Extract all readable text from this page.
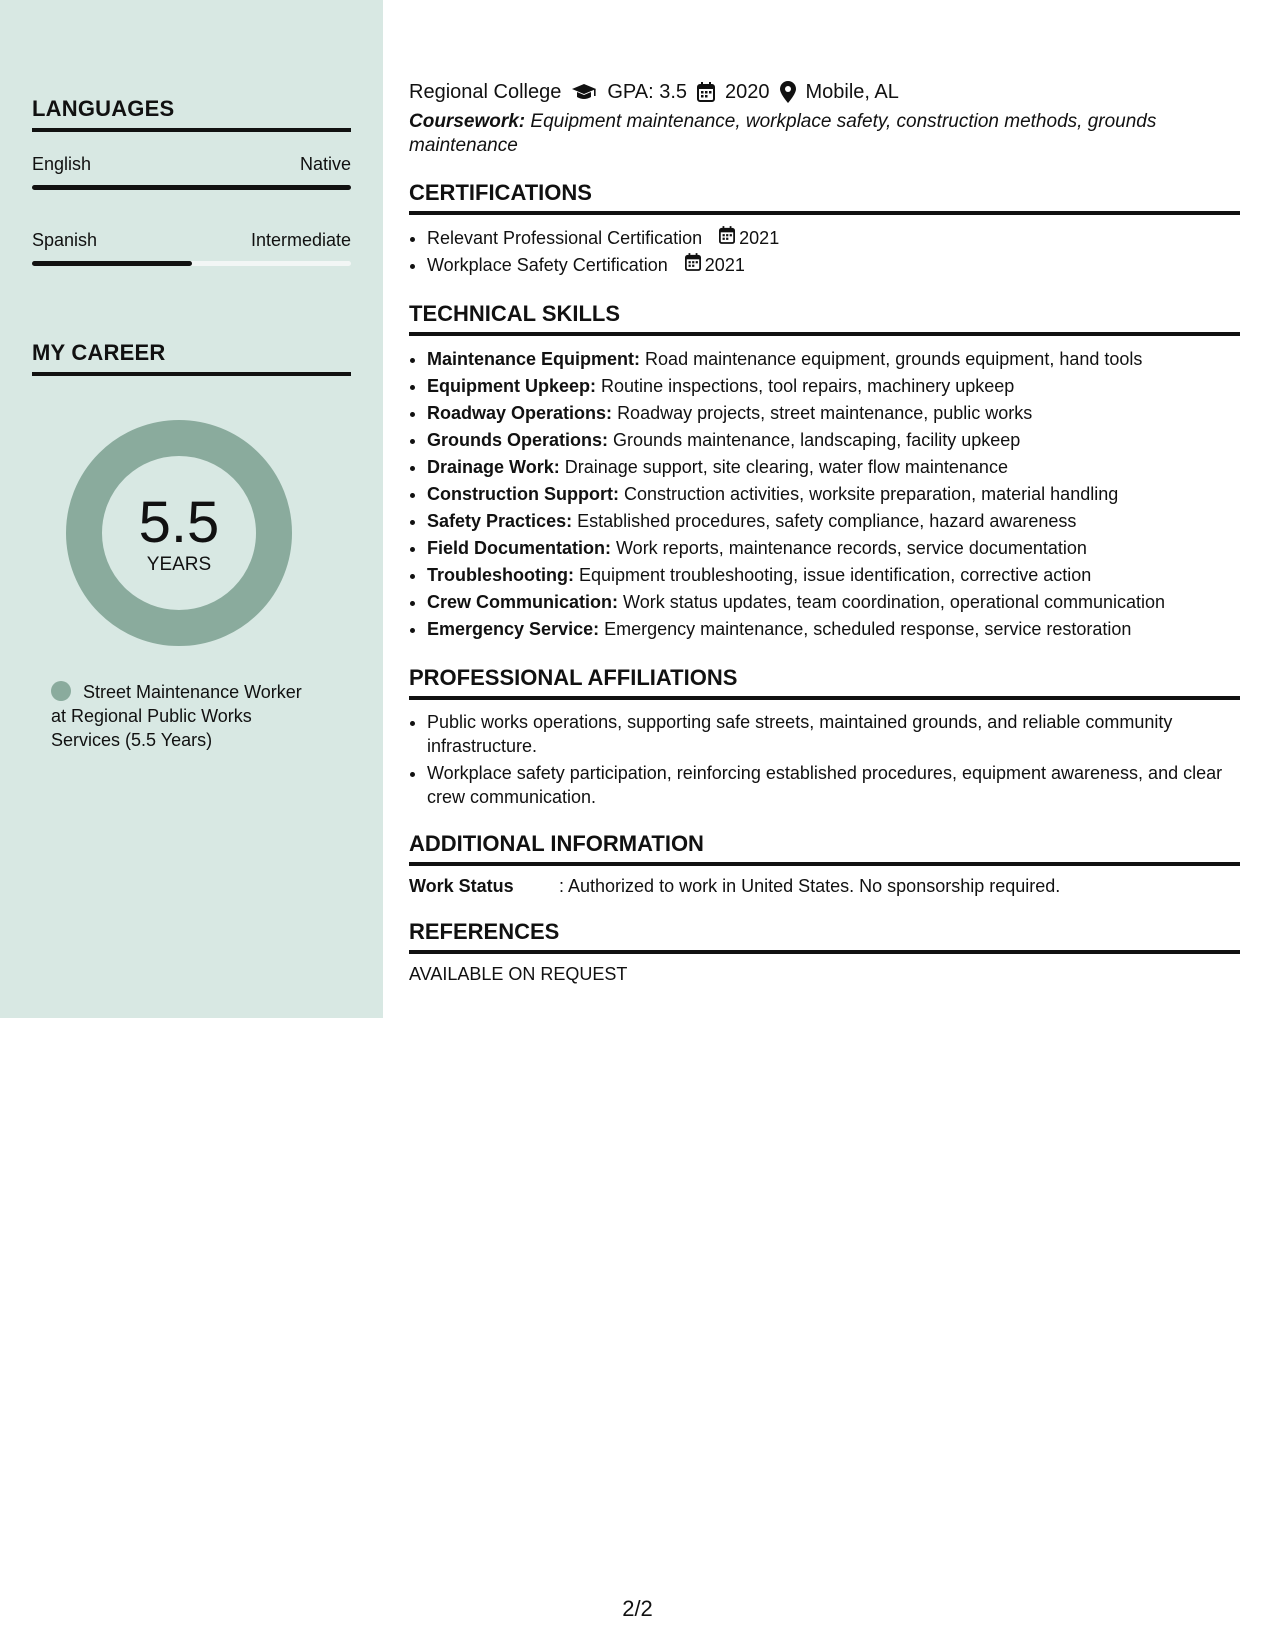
LANGUAGES
English	Native
Spanish	Intermediate
MY CAREER
5.5
YEARS
Street Maintenance Worker at Regional Public Works Services (5.5 Years)
Regional College GPA: 3.5 2020 Mobile, AL
Coursework: Equipment maintenance, workplace safety, construction methods, grounds maintenance
CERTIFICATIONS
• Relevant Professional Certification 2021
• Workplace Safety Certification 2021
TECHNICAL SKILLS
• Maintenance Equipment: Road maintenance equipment, grounds equipment, hand tools
• Equipment Upkeep: Routine inspections, tool repairs, machinery upkeep
• Roadway Operations: Roadway projects, street maintenance, public works
• Grounds Operations: Grounds maintenance, landscaping, facility upkeep
• Drainage Work: Drainage support, site clearing, water flow maintenance
• Construction Support: Construction activities, worksite preparation, material handling
• Safety Practices: Established procedures, safety compliance, hazard awareness
• Field Documentation: Work reports, maintenance records, service documentation
• Troubleshooting: Equipment troubleshooting, issue identification, corrective action
• Crew Communication: Work status updates, team coordination, operational communication
• Emergency Service: Emergency maintenance, scheduled response, service restoration
PROFESSIONAL AFFILIATIONS
• Public works operations, supporting safe streets, maintained grounds, and reliable community infrastructure.
• Workplace safety participation, reinforcing established procedures, equipment awareness, and clear crew communication.
ADDITIONAL INFORMATION
Work Status	: Authorized to work in United States. No sponsorship required.
REFERENCES
AVAILABLE ON REQUEST
2/2
